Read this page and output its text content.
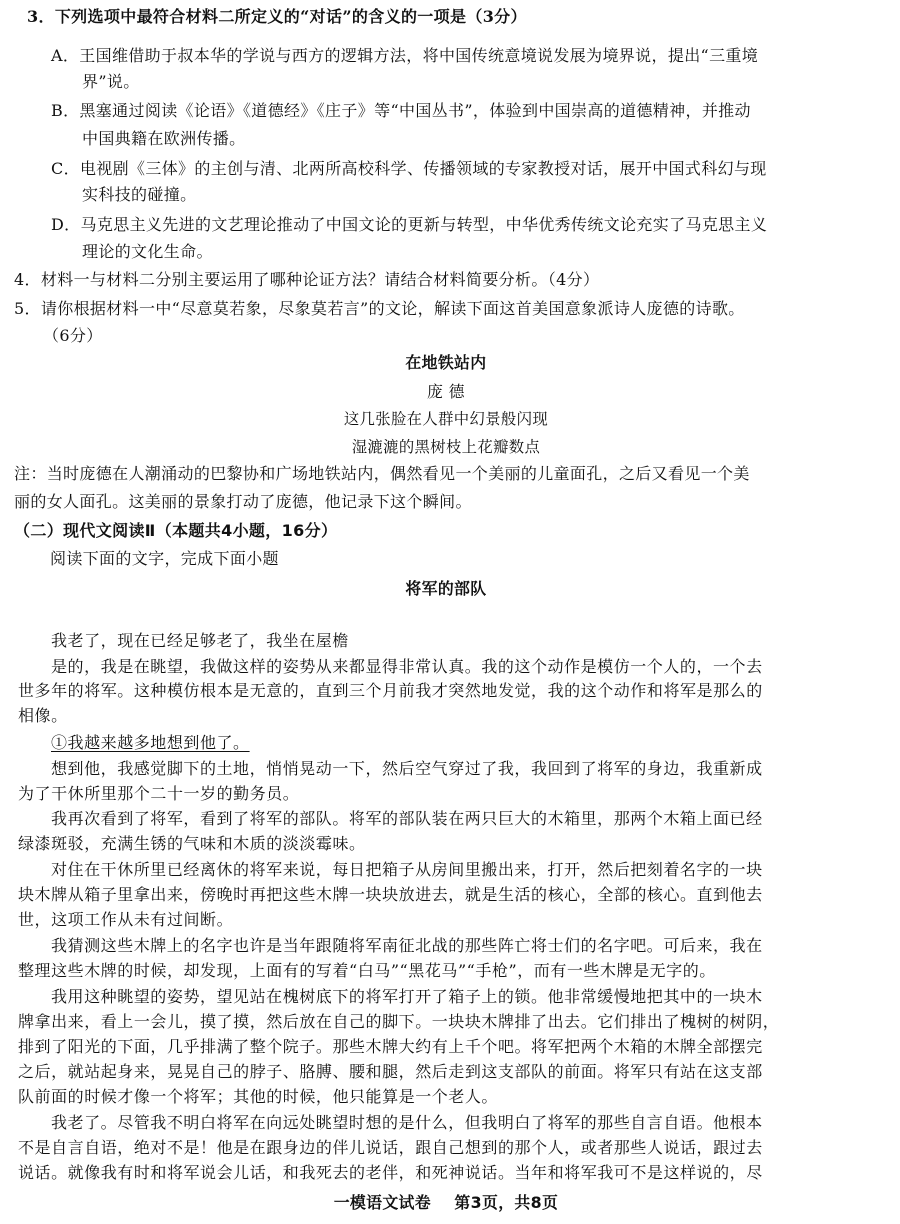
3．下列选项中最符合材料二所定义的“对话”的含义的一项是（3分）
A．王国维借助于叔本华的学说与西方的逻辑方法，将中国传统意境说发展为境界说，提出“三重境
界”说。
B．黑塞通过阅读《论语》《道德经》《庄子》等“中国丛书”，体验到中国崇高的道德精神，并推动
中国典籍在欧洲传播。
C．电视剧《三体》的主创与清、北两所高校科学、传播领域的专家教授对话，展开中国式科幻与现
实科技的碰撞。
D．马克思主义先进的文艺理论推动了中国文论的更新与转型，中华优秀传统文论充实了马克思主义
理论的文化生命。
4．材料一与材料二分别主要运用了哪种论证方法？请结合材料简要分析。（4分）
5．请你根据材料一中“尽意莫若象，尽象莫若言”的文论，解读下面这首美国意象派诗人庞德的诗歌。
（6分）
在地铁站内
庞 德
这几张脸在人群中幻景般闪现
湿漉漉的黑树枝上花瓣数点
注：当时庞德在人潮涌动的巴黎协和广场地铁站内，偶然看见一个美丽的儿童面孔，之后又看见一个美
丽的女人面孔。这美丽的景象打动了庞德，他记录下这个瞬间。
（二）现代文阅读Ⅱ（本题共4小题，16分）
阅读下面的文字，完成下面小题
将军的部队
我老了，现在已经足够老了，我坐在屋檐
是的，我是在眺望，我做这样的姿势从来都显得非常认真。我的这个动作是模仿一个人的，一个去
世多年的将军。这种模仿根本是无意的，直到三个月前我才突然地发觉，我的这个动作和将军是那么的
相像。
①我越来越多地想到他了。
想到他，我感觉脚下的土地，悄悄晃动一下，然后空气穿过了我，我回到了将军的身边，我重新成
为了干休所里那个二十一岁的勤务员。
我再次看到了将军，看到了将军的部队。将军的部队装在两只巨大的木箱里，那两个木箱上面已经
绿漆斑驳，充满生锈的气味和木质的淡淡霉味。
对住在干休所里已经离休的将军来说，每日把箱子从房间里搬出来，打开，然后把刻着名字的一块
块木牌从箱子里拿出来，傍晚时再把这些木牌一块块放进去，就是生活的核心，全部的核心。直到他去
世，这项工作从未有过间断。
我猜测这些木牌上的名字也许是当年跟随将军南征北战的那些阵亡将士们的名字吧。可后来，我在
整理这些木牌的时候，却发现，上面有的写着“白马”“黑花马”“手枪”，而有一些木牌是无字的。
我用这种眺望的姿势，望见站在槐树底下的将军打开了箱子上的锁。他非常缓慢地把其中的一块木
牌拿出来，看上一会儿，摸了摸，然后放在自己的脚下。一块块木牌排了出去。它们排出了槐树的树阴，
排到了阳光的下面，几乎排满了整个院子。那些木牌大约有上千个吧。将军把两个木箱的木牌全部摆完
之后，就站起身来，晃晃自己的脖子、胳膊、腰和腿，然后走到这支部队的前面。将军只有站在这支部
队前面的时候才像一个将军；其他的时候，他只能算是一个老人。
我老了。尽管我不明白将军在向远处眺望时想的是什么，但我明白了将军的那些自言自语。他根本
不是自言自语，绝对不是！他是在跟身边的伴儿说话，跟自己想到的那个人，或者那些人说话，跟过去
说话。就像我有时和将军说会儿话，和我死去的老伴，和死神说话。当年和将军我可不是这样说的，尽
一模语文试卷    第3页，共8页
